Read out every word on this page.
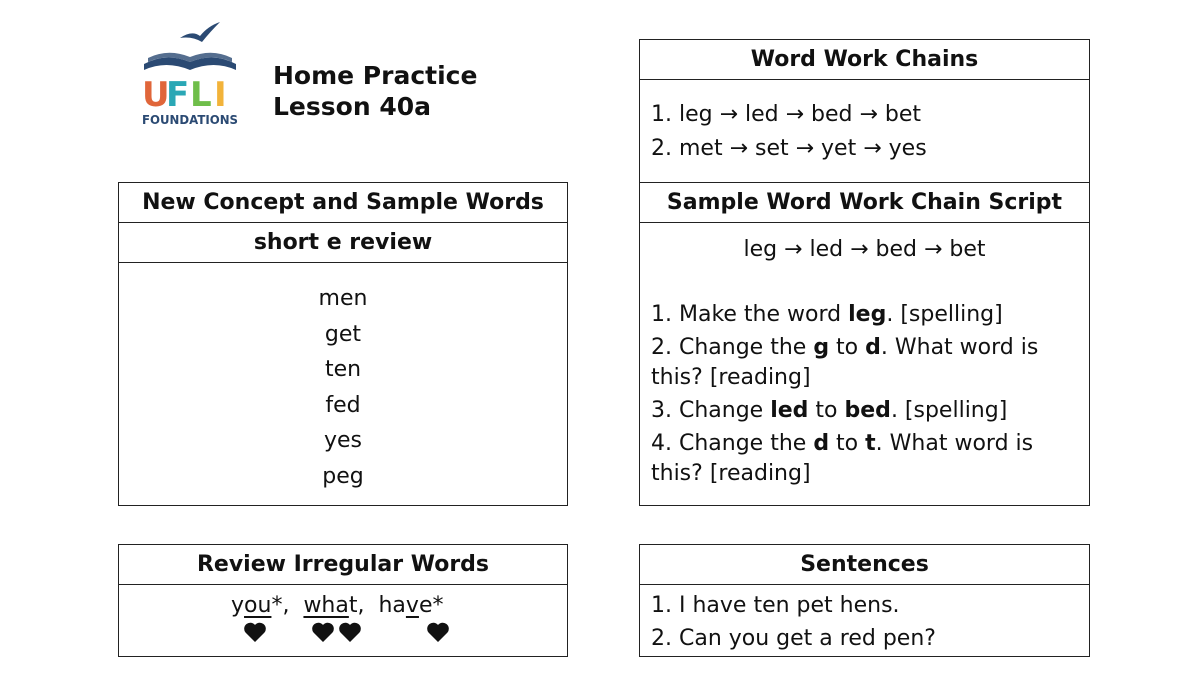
U
F L I
FOUNDATIONS
Home Practice
Lesson 40a
New Concept and Sample Words
short e review
men
get
ten
fed
yes
peg
Word Work Chains
1. leg → led → bed → bet
2. met → set → yet → yes
Sample Word Work Chain Script
leg → led → bed → bet
1. Make the word leg. [spelling]
2. Change the g to d. What word is
this? [reading]
3. Change led to bed. [spelling]
4. Change the d to t. What word is
this? [reading]
Review Irregular Words
you*, what, have*
Sentences
1. I have ten pet hens.
2. Can you get a red pen?
